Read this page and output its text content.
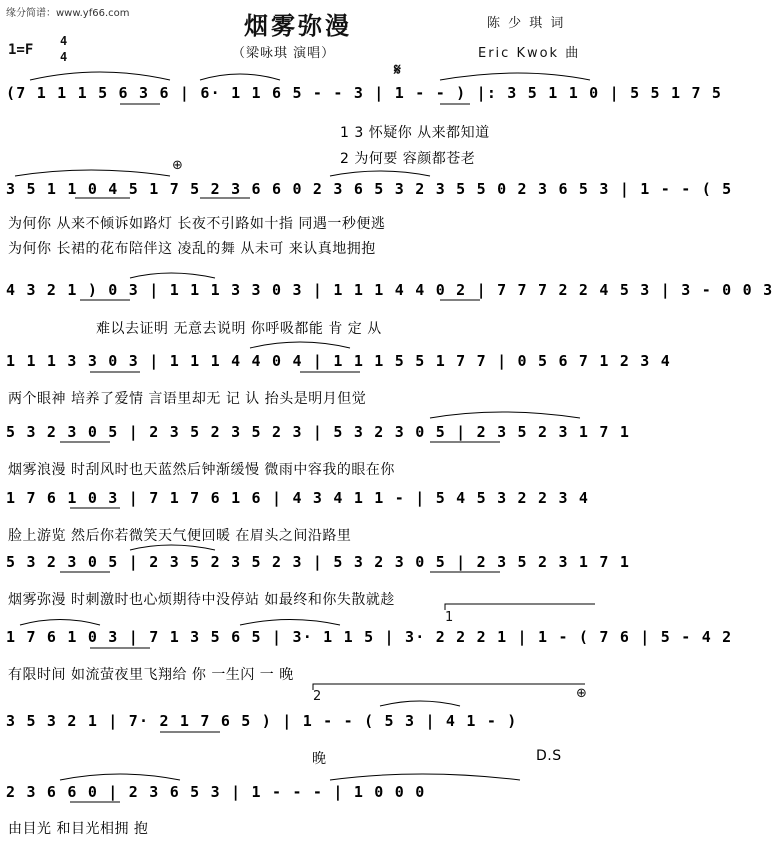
缘分简谱：www.yf66.com	烟雾弥漫
（梁咏琪 演唱）
陈 少 琪 词
Eric Kwok 曲
1=F
4
4
𝄋
1
2
⊕
⊕
(7 1 1 1 5 6 3 6 | 6· 1 1 6 5 - - 3 | 1 - - ) |: 3 5 1 1 0 | 5 5 1 7 5
1 3 怀疑你 从来都知道
2 为何要 容颜都苍老
3 5 1 1 0 4 5 1 7 5 2 3 6 6 0 2 3 6 5 3 2 3 5 5 0 2 3 6 5 3 | 1 - - ( 5
为何你 从来不倾诉如路灯 长夜不引路如十指 同遇一秒便逃
为何你 长裙的花布陪伴这 凌乱的舞 从未可 来认真地拥抱
4 3 2 1 ) 0 3 | 1 1 1 3 3 0 3 | 1 1 1 4 4 0 2 | 7 7 7 2 2 4 5 3 | 3 - 0 0 3
难以去证明 无意去说明 你呼吸都能 肯 定 从
1 1 1 3 3 0 3 | 1 1 1 4 4 0 4 | 1 1 1 5 5 1 7 7 | 0 5 6 7 1 2 3 4
两个眼神 培养了爱情 言语里却无 记 认 抬头是明月但觉
5 3 2 3 0 5 | 2 3 5 2 3 5 2 3 | 5 3 2 3 0 5 | 2 3 5 2 3 1 7 1
烟雾浪漫 时刮风时也天蓝然后钟渐缓慢 微雨中容我的眼在你
1 7 6 1 0 3 | 7 1 7 6 1 6 | 4 3 4 1 1 - | 5 4 5 3 2 2 3 4
脸上游览 然后你若微笑天气便回暖 在眉头之间沿路里
5 3 2 3 0 5 | 2 3 5 2 3 5 2 3 | 5 3 2 3 0 5 | 2 3 5 2 3 1 7 1
烟雾弥漫 时刺激时也心烦期待中没停站 如最终和你失散就趁
1 7 6 1 0 3 | 7 1 3 5 6 5 | 3· 1 1 5 | 3· 2 2 2 1 | 1 - ( 7 6 | 5 - 4 2
有限时间 如流萤夜里飞翔给 你 一生闪 一 晚
3 5 3 2 1 | 7· 2 1 7 6 5 ) | 1 - - ( 5 3 | 4 1 - )
晚	D.S
2 3 6 6 0 | 2 3 6 5 3 | 1 - - - | 1 0 0 0
由目光 和目光相拥 抱
